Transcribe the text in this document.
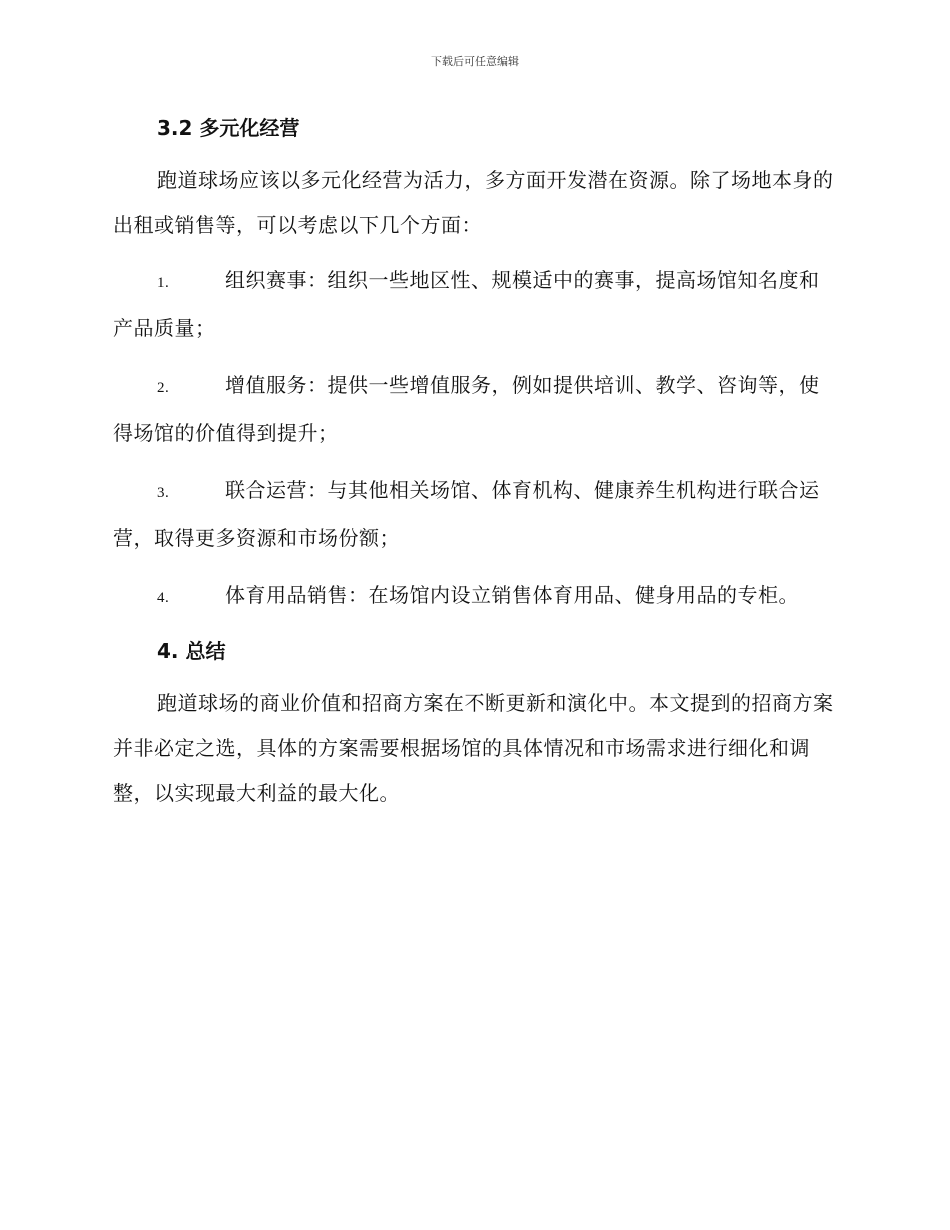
下载后可任意编辑
3.2 多元化经营

跑道球场应该以多元化经营为活力，多方面开发潜在资源。除了场地本身的出租或销售等，可以考虑以下几个方面：

1.	组织赛事：组织一些地区性、规模适中的赛事，提高场馆知名度和产品质量；

2.	增值服务：提供一些增值服务，例如提供培训、教学、咨询等，使得场馆的价值得到提升；

3.	联合运营：与其他相关场馆、体育机构、健康养生机构进行联合运营，取得更多资源和市场份额；

4.	体育用品销售：在场馆内设立销售体育用品、健身用品的专柜。

4. 总结

跑道球场的商业价值和招商方案在不断更新和演化中。本文提到的招商方案并非必定之选，具体的方案需要根据场馆的具体情况和市场需求进行细化和调整，以实现最大利益的最大化。
